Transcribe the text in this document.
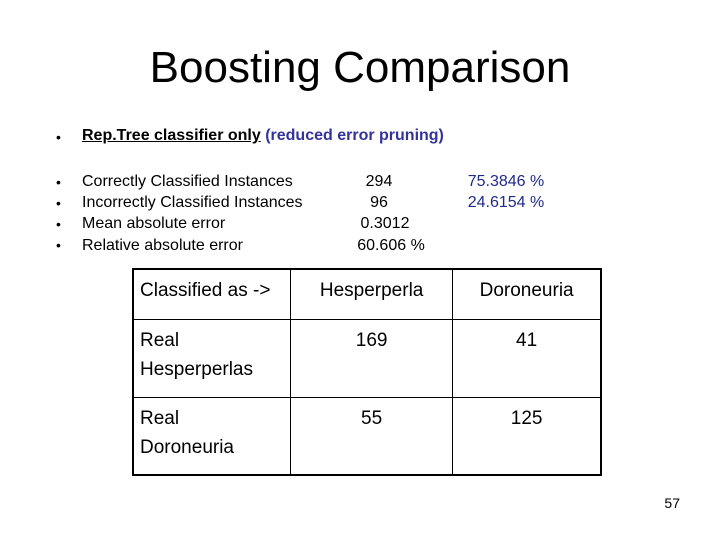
Boosting Comparison
•
•
•
•
•
Rep.Tree classifier only (reduced error pruning)
Correctly Classified Instances	294	75.3846 %
Incorrectly Classified Instances	96	24.6154 %
Mean absolute error	0.3012
Relative absolute error	60.606 %
Classified as ->	Hesperperla	Doroneuria

Real
Hesperperlas	169	41

Real
Doroneuria	55	125
57
